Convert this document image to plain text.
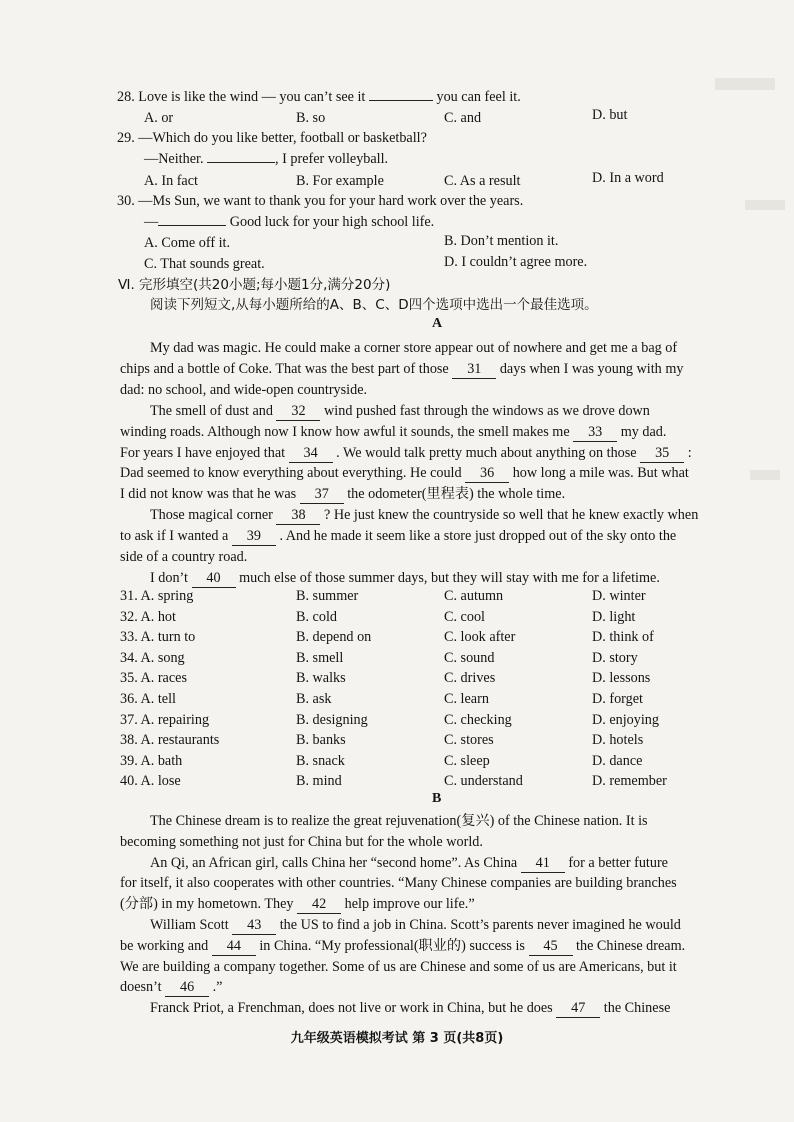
28. Love is like the wind — you can’t see it	you can feel it.
A. or	B. so	C. and	D. but
29. —Which do you like better, football or basketball?
—Neither.	, I prefer volleyball.
A. In fact	B. For example	C. As a result	D. In a word
30. —Ms Sun, we want to thank you for your hard work over the years.
—	Good luck for your high school life.
A. Come off it.	B. Don’t mention it.
C. That sounds great.	D. I couldn’t agree more.
Ⅵ. 完形填空(共20小题;每小题1分,满分20分)
阅读下列短文,从每小题所给的A、B、C、D四个选项中选出一个最佳选项。
A
My dad was magic. He could make a corner store appear out of nowhere and get me a bag of
chips and a bottle of Coke. That was the best part of those 31 days when I was young with my
dad: no school, and wide-open countryside.
The smell of dust and 32 wind pushed fast through the windows as we drove down
winding roads. Although now I know how awful it sounds, the smell makes me 33 my dad.
For years I have enjoyed that 34 . We would talk pretty much about anything on those 35 :
Dad seemed to know everything about everything. He could 36 how long a mile was. But what
I did not know was that he was 37 the odometer(里程表) the whole time.
Those magical corner 38 ? He just knew the countryside so well that he knew exactly when
to ask if I wanted a 39 . And he made it seem like a store just dropped out of the sky onto the
side of a country road.
I don’t 40 much else of those summer days, but they will stay with me for a lifetime.
31. A. spring	B. summer	C. autumn	D. winter
32. A. hot	B. cold	C. cool	D. light
33. A. turn to	B. depend on	C. look after	D. think of
34. A. song	B. smell	C. sound	D. story
35. A. races	B. walks	C. drives	D. lessons
36. A. tell	B. ask	C. learn	D. forget
37. A. repairing	B. designing	C. checking	D. enjoying
38. A. restaurants	B. banks	C. stores	D. hotels
39. A. bath	B. snack	C. sleep	D. dance
40. A. lose	B. mind	C. understand	D. remember
B
The Chinese dream is to realize the great rejuvenation(复兴) of the Chinese nation. It is
becoming something not just for China but for the whole world.
An Qi, an African girl, calls China her “second home”. As China 41 for a better future
for itself, it also cooperates with other countries. “Many Chinese companies are building branches
(分部) in my hometown. They 42 help improve our life.”
William Scott 43 the US to find a job in China. Scott’s parents never imagined he would
be working and 44 in China. “My professional(职业的) success is 45 the Chinese dream.
We are building a company together. Some of us are Chinese and some of us are Americans, but it
doesn’t 46 .”
Franck Priot, a Frenchman, does not live or work in China, but he does 47 the Chinese
九年级英语模拟考试 第 3 页(共8页)
